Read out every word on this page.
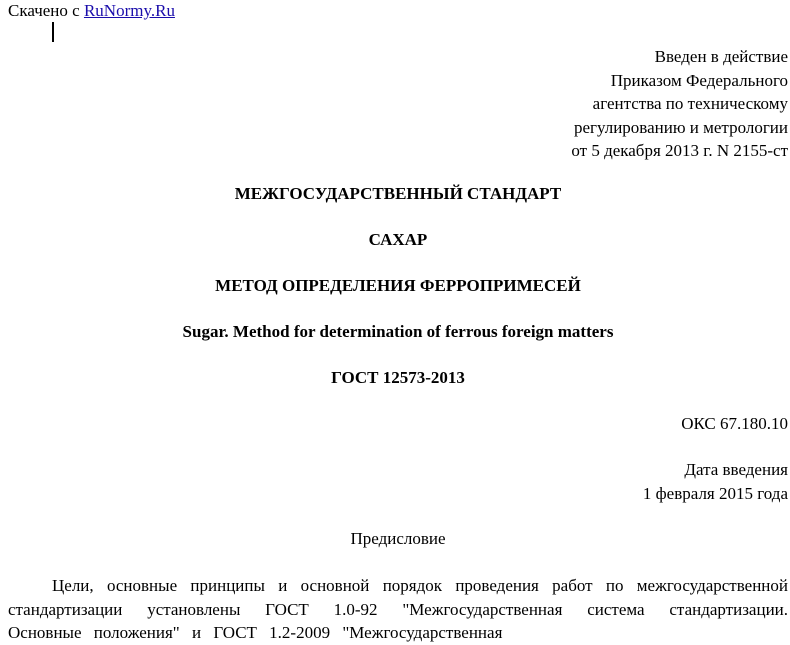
Скачено с RuNormy.Ru
Введен в действие
Приказом Федерального
агентства по техническому
регулированию и метрологии
от 5 декабря 2013 г. N 2155-ст
МЕЖГОСУДАРСТВЕННЫЙ СТАНДАРТ
САХАР
МЕТОД ОПРЕДЕЛЕНИЯ ФЕРРОПРИМЕСЕЙ
Sugar. Method for determination of ferrous foreign matters
ГОСТ 12573-2013
ОКС 67.180.10
Дата введения
1 февраля 2015 года
Предисловие
Цели, основные принципы и основной порядок проведения работ по межгосударственной стандартизации установлены ГОСТ 1.0-92 "Межгосударственная система стандартизации. Основные положения" и ГОСТ 1.2-2009 "Межгосударственная
